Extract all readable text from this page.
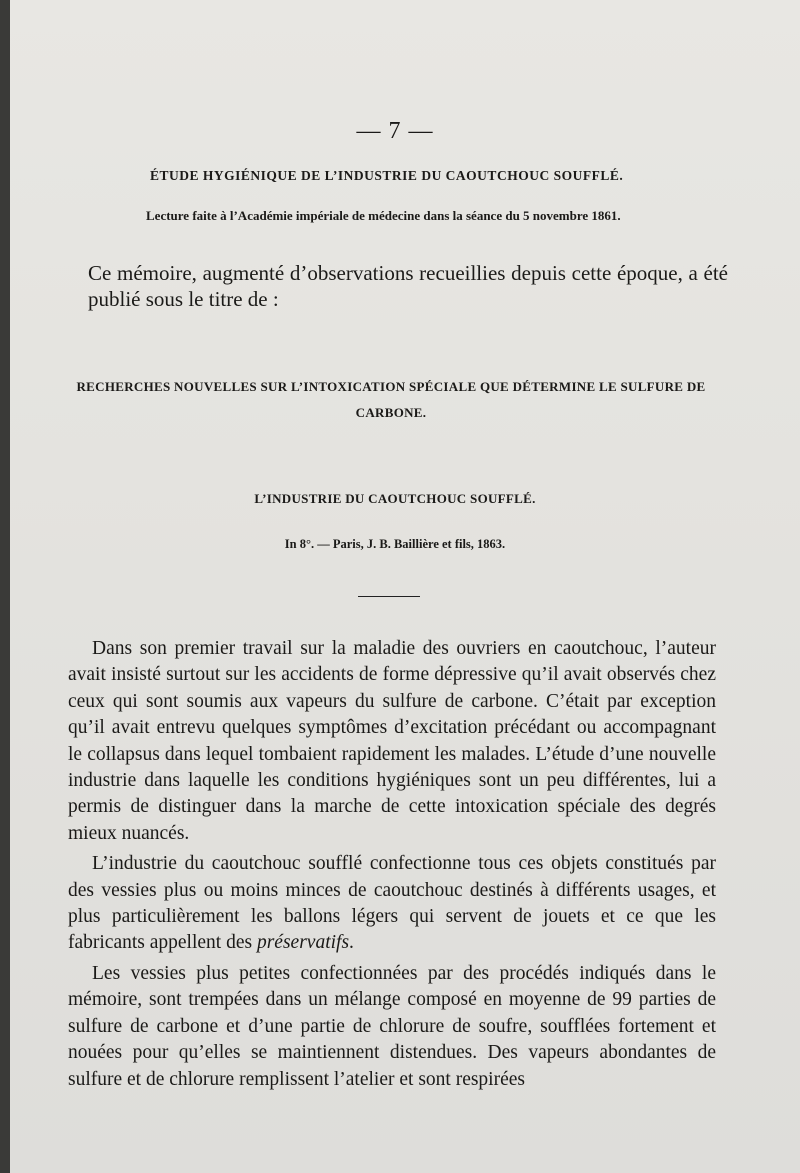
— 7 —
ÉTUDE HYGIÉNIQUE DE L’INDUSTRIE DU CAOUTCHOUC SOUFFLÉ.
Lecture faite à l’Académie impériale de médecine dans la séance du 5 novembre 1861.
Ce mémoire, augmenté d’observations recueillies depuis cette époque, a été publié sous le titre de :
RECHERCHES NOUVELLES SUR L’INTOXICATION SPÉCIALE QUE DÉTERMINE LE SULFURE DE CARBONE.
L’INDUSTRIE DU CAOUTCHOUC SOUFFLÉ.
In 8°. — Paris, J. B. Baillière et fils, 1863.

Dans son premier travail sur la maladie des ouvriers en caoutchouc, l’auteur avait insisté surtout sur les accidents de forme dépressive qu’il avait observés chez ceux qui sont soumis aux vapeurs du sulfure de carbone. C’était par exception qu’il avait entrevu quelques symptômes d’excitation précédant ou accompagnant le collapsus dans lequel tombaient rapidement les malades. L’étude d’une nouvelle industrie dans laquelle les conditions hygiéniques sont un peu différentes, lui a permis de distinguer dans la marche de cette intoxication spéciale des degrés mieux nuancés.

L’industrie du caoutchouc soufflé confectionne tous ces objets constitués par des vessies plus ou moins minces de caoutchouc destinés à différents usages, et plus particulièrement les ballons légers qui servent de jouets et ce que les fabricants appellent des préservatifs.

Les vessies plus petites confectionnées par des procédés indiqués dans le mémoire, sont trempées dans un mélange composé en moyenne de 99 parties de sulfure de carbone et d’une partie de chlorure de soufre, soufflées fortement et nouées pour qu’elles se maintiennent distendues. Des vapeurs abondantes de sulfure et de chlorure remplissent l’atelier et sont respirées
